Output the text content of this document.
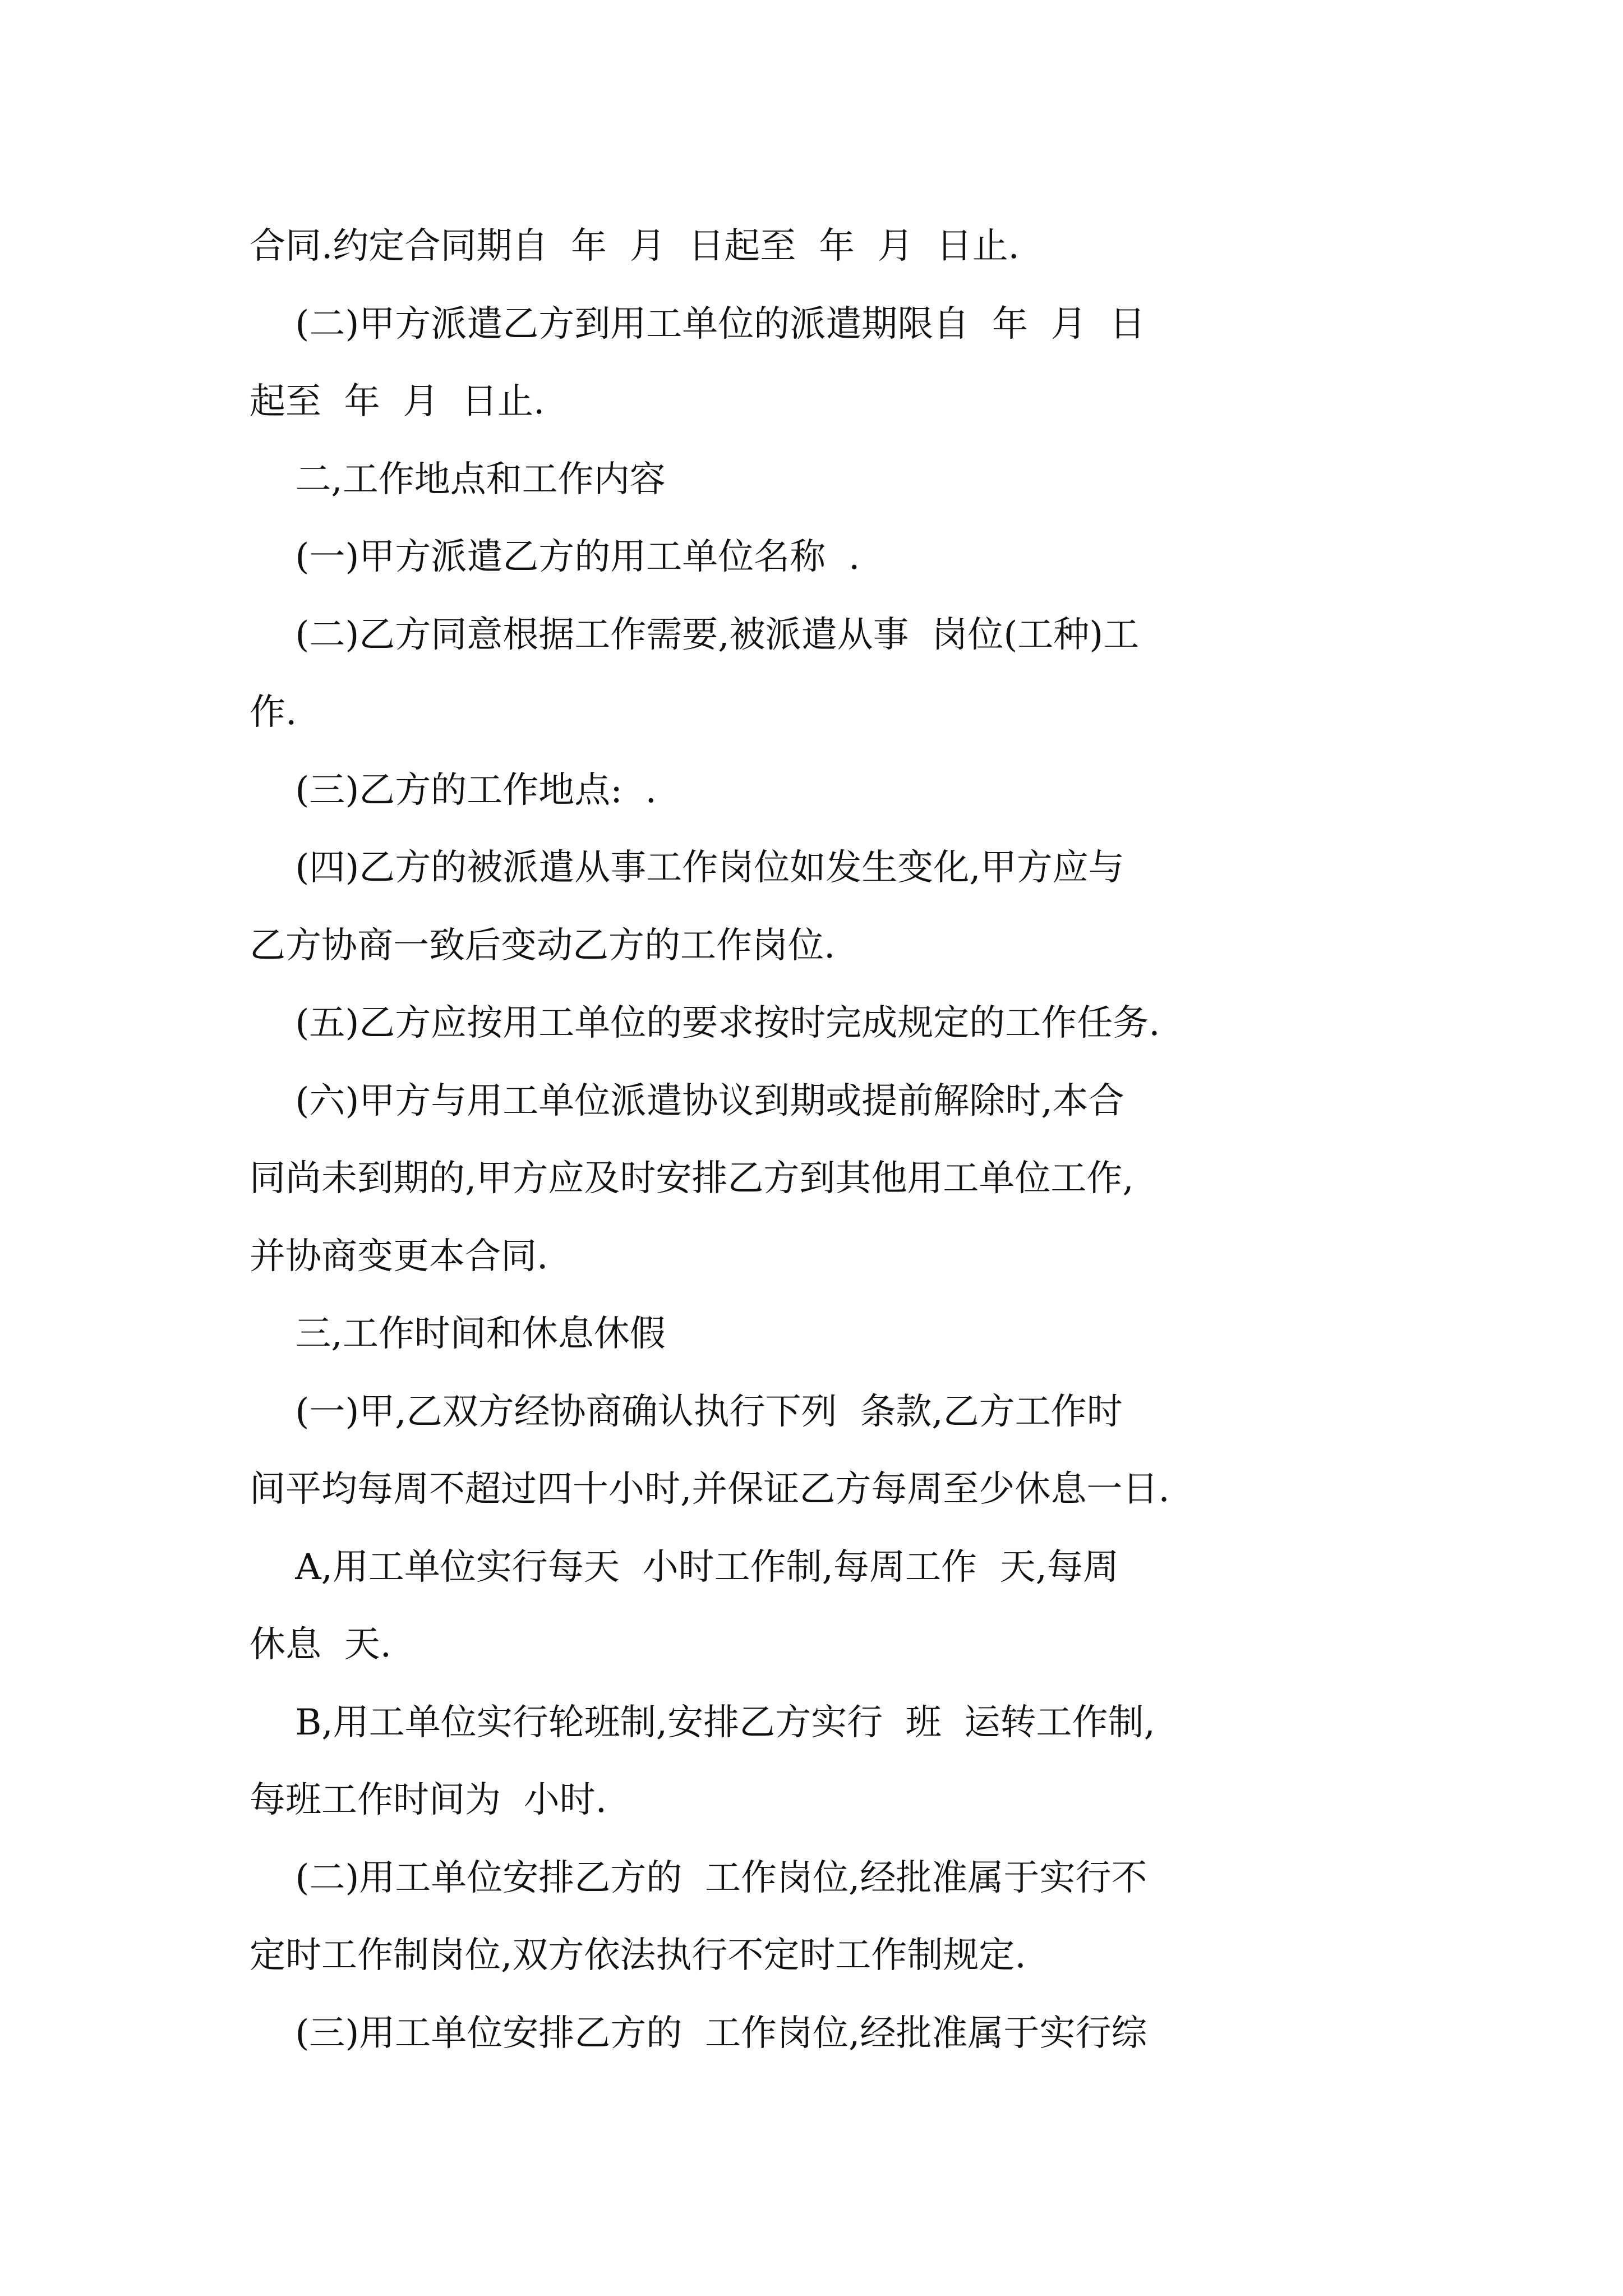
合同.约定合同期自  年  月  日起至  年  月  日止.
(二)甲方派遣乙方到用工单位的派遣期限自  年  月  日
起至  年  月  日止.
二,工作地点和工作内容
(一)甲方派遣乙方的用工单位名称  .
(二)乙方同意根据工作需要,被派遣从事  岗位(工种)工
作.
(三)乙方的工作地点:  .
(四)乙方的被派遣从事工作岗位如发生变化,甲方应与
乙方协商一致后变动乙方的工作岗位.
(五)乙方应按用工单位的要求按时完成规定的工作任务.
(六)甲方与用工单位派遣协议到期或提前解除时,本合
同尚未到期的,甲方应及时安排乙方到其他用工单位工作,
并协商变更本合同.
三,工作时间和休息休假
(一)甲,乙双方经协商确认执行下列  条款,乙方工作时
间平均每周不超过四十小时,并保证乙方每周至少休息一日.
A,用工单位实行每天  小时工作制,每周工作  天,每周
休息  天.
B,用工单位实行轮班制,安排乙方实行  班  运转工作制,
每班工作时间为  小时.
(二)用工单位安排乙方的  工作岗位,经批准属于实行不
定时工作制岗位,双方依法执行不定时工作制规定.
(三)用工单位安排乙方的  工作岗位,经批准属于实行综
